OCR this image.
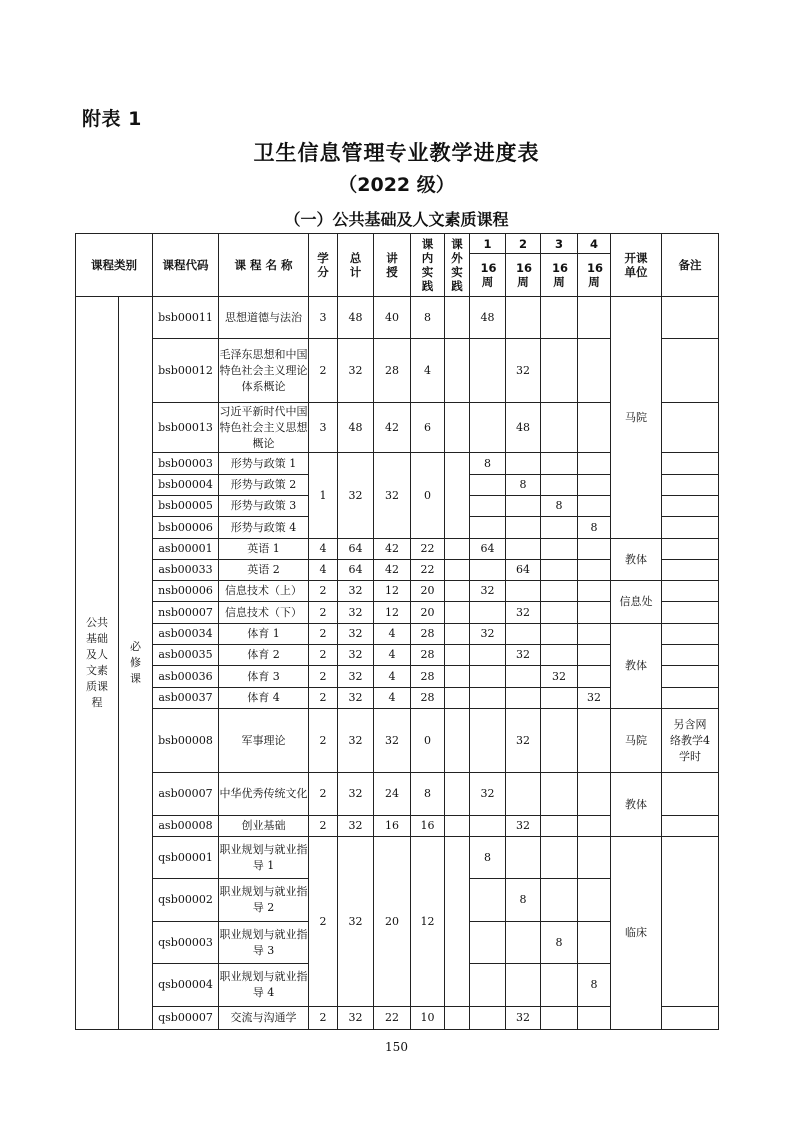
附表 1
卫生信息管理专业教学进度表
（2022 级）
（一）公共基础及人文素质课程
课程类别		课程代码	课 程 名 称	学分	总计	讲授	课内实践	课外实践	1	2	3	4	开课单位	备注

									16周	16周	16周	16周		

公共基础及人文素质课程	必修课	bsb00011	思想道德与法治	3	48	40	8		48				马院	
		bsb00012	毛泽东思想和中国特色社会主义理论体系概论	2	32	28	4			32				
		bsb00013	习近平新时代中国特色社会主义思想概论	3	48	42	6			48				
		bsb00003	形势与政策 1	1	32	32	0		8					
		bsb00004	形势与政策 2							8				
		bsb00005	形势与政策 3								8			
		bsb00006	形势与政策 4									8		
		asb00001	英语 1	4	64	42	22		64				教体	
		asb00033	英语 2	4	64	42	22			64				
		nsb00006	信息技术（上）	2	32	12	20		32				信息处	
		nsb00007	信息技术（下）	2	32	12	20			32				
		asb00034	体育 1	2	32	4	28		32				教体	
		asb00035	体育 2	2	32	4	28			32				
		asb00036	体育 3	2	32	4	28				32			
		asb00037	体育 4	2	32	4	28					32		
		bsb00008	军事理论	2	32	32	0			32			马院	另含网络教学4 学时

		asb00007	中华优秀传统文化	2	32	24	8		32				教体	
		asb00008	创业基础	2	32	16	16			32				
		qsb00001	职业规划与就业指导 1	2	32	20	12		8				临床	
		qsb00002	职业规划与就业指导 2							8				
		qsb00003	职业规划与就业指导 3								8			
		qsb00004	职业规划与就业指导 4									8		
		qsb00007	交流与沟通学	2	32	22	10			32				
150
